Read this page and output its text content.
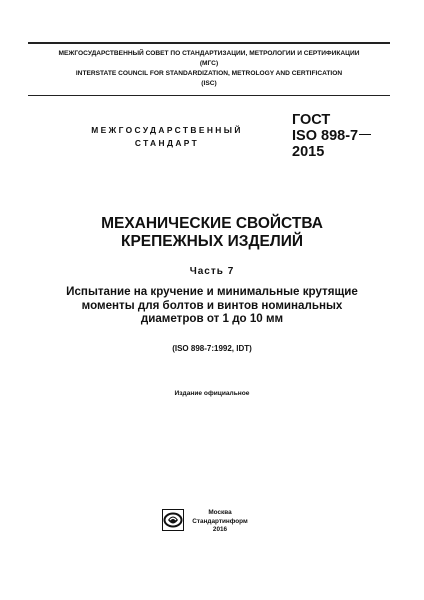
МЕЖГОСУДАРСТВЕННЫЙ СОВЕТ ПО СТАНДАРТИЗАЦИИ, МЕТРОЛОГИИ И СЕРТИФИКАЦИИ
(МГС)
INTERSTATE COUNCIL FOR STANDARDIZATION, METROLOGY AND CERTIFICATION
(ISC)
МЕЖГОСУДАРСТВЕННЫЙ
СТАНДАРТ
ГОСТ
ISO 898-7
2015
МЕХАНИЧЕСКИЕ СВОЙСТВА
КРЕПЕЖНЫХ ИЗДЕЛИЙ
Часть 7
Испытание на кручение и минимальные крутящие
моменты для болтов и винтов номинальных
диаметров от 1 до 10 мм
(ISO 898-7:1992, IDT)
Издание официальное
Москва
Стандартинформ
2016
